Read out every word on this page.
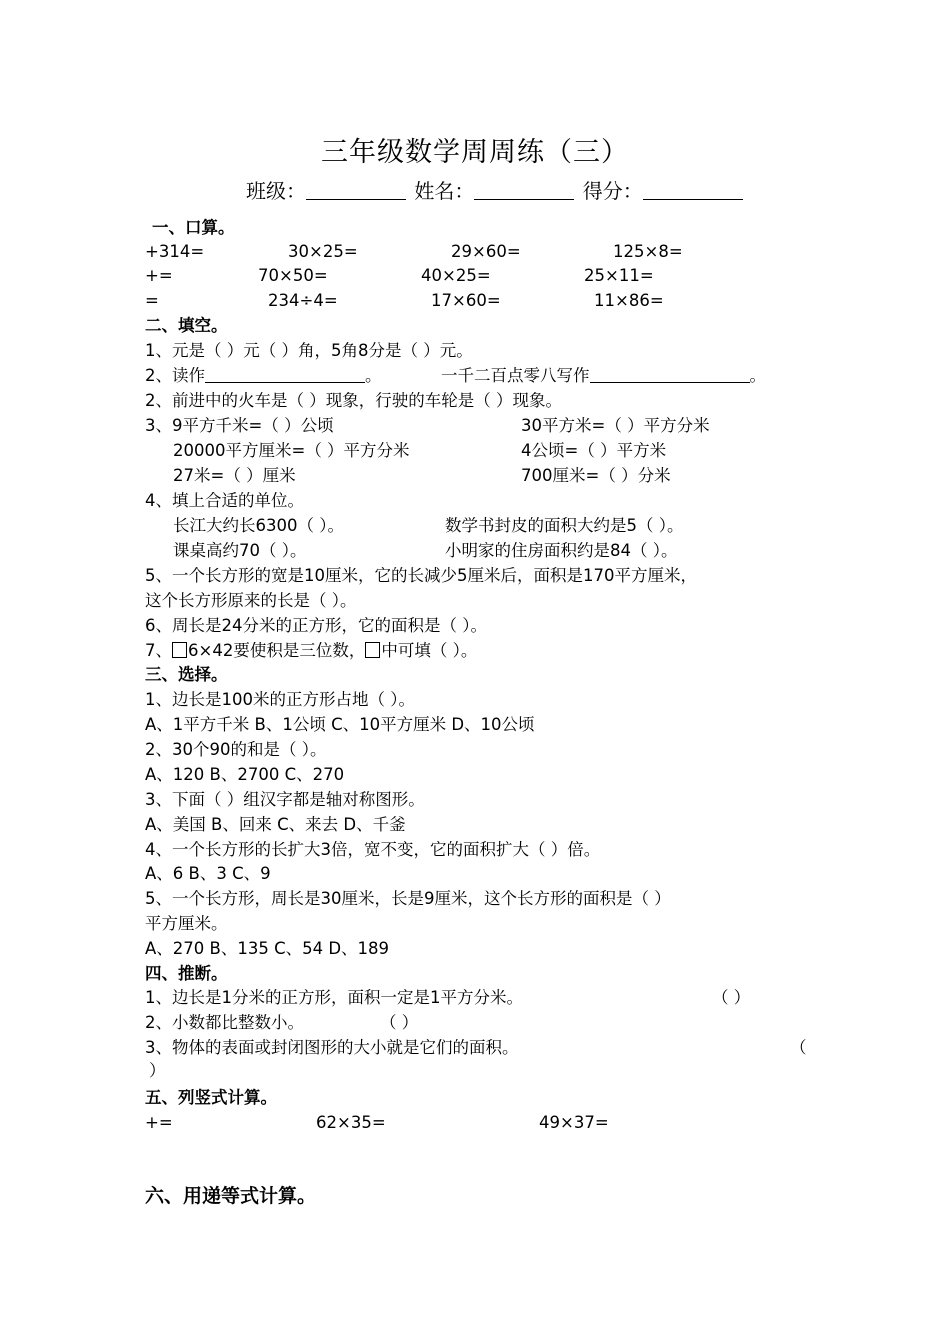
三年级数学周周练（三）
班级：	姓名：	得分：
一、口算。
+314=	30×25=	29×60=	125×8=
+=	70×50=	40×25=	25×11=
=	234÷4=	17×60=	11×86=
二、填空。
1、元是（ ）元（ ）角，5角8分是（ ）元。
2、读作	。	一千二百点零八写作	。
2、前进中的火车是（ ）现象，行驶的车轮是（ ）现象。
3、9平方千米=（ ）公顷	30平方米=（ ）平方分米
20000平方厘米=（ ）平方分米	4公顷=（ ）平方米
27米=（ ）厘米	700厘米=（ ）分米
4、填上合适的单位。
长江大约长6300（ ）。	数学书封皮的面积大约是5（ ）。
课桌高约70（ ）。	小明家的住房面积约是84（ ）。
5、一个长方形的宽是10厘米，它的长减少5厘米后，面积是170平方厘米，
这个长方形原来的长是（ ）。
6、周长是24分米的正方形，它的面积是（ ）。
7、 6×42要使积是三位数， 中可填（ ）。
三、选择。
1、边长是100米的正方形占地（ ）。
A、1平方千米 B、1公顷 C、10平方厘米 D、10公顷
2、30个90的和是（ ）。
A、120 B、2700 C、270
3、下面（ ）组汉字都是轴对称图形。
A、美国 B、回来 C、来去 D、千釜
4、一个长方形的长扩大3倍，宽不变，它的面积扩大（ ）倍。
A、6 B、3 C、9
5、一个长方形，周长是30厘米，长是9厘米，这个长方形的面积是（ ）
平方厘米。
A、270 B、135 C、54 D、189
四、推断。
1、边长是1分米的正方形，面积一定是1平方分米。	（ ）
2、小数都比整数小。	（ ）
3、物体的表面或封闭图形的大小就是它们的面积。	（
）
五、列竖式计算。
+=	62×35=	49×37=
六、用递等式计算。
